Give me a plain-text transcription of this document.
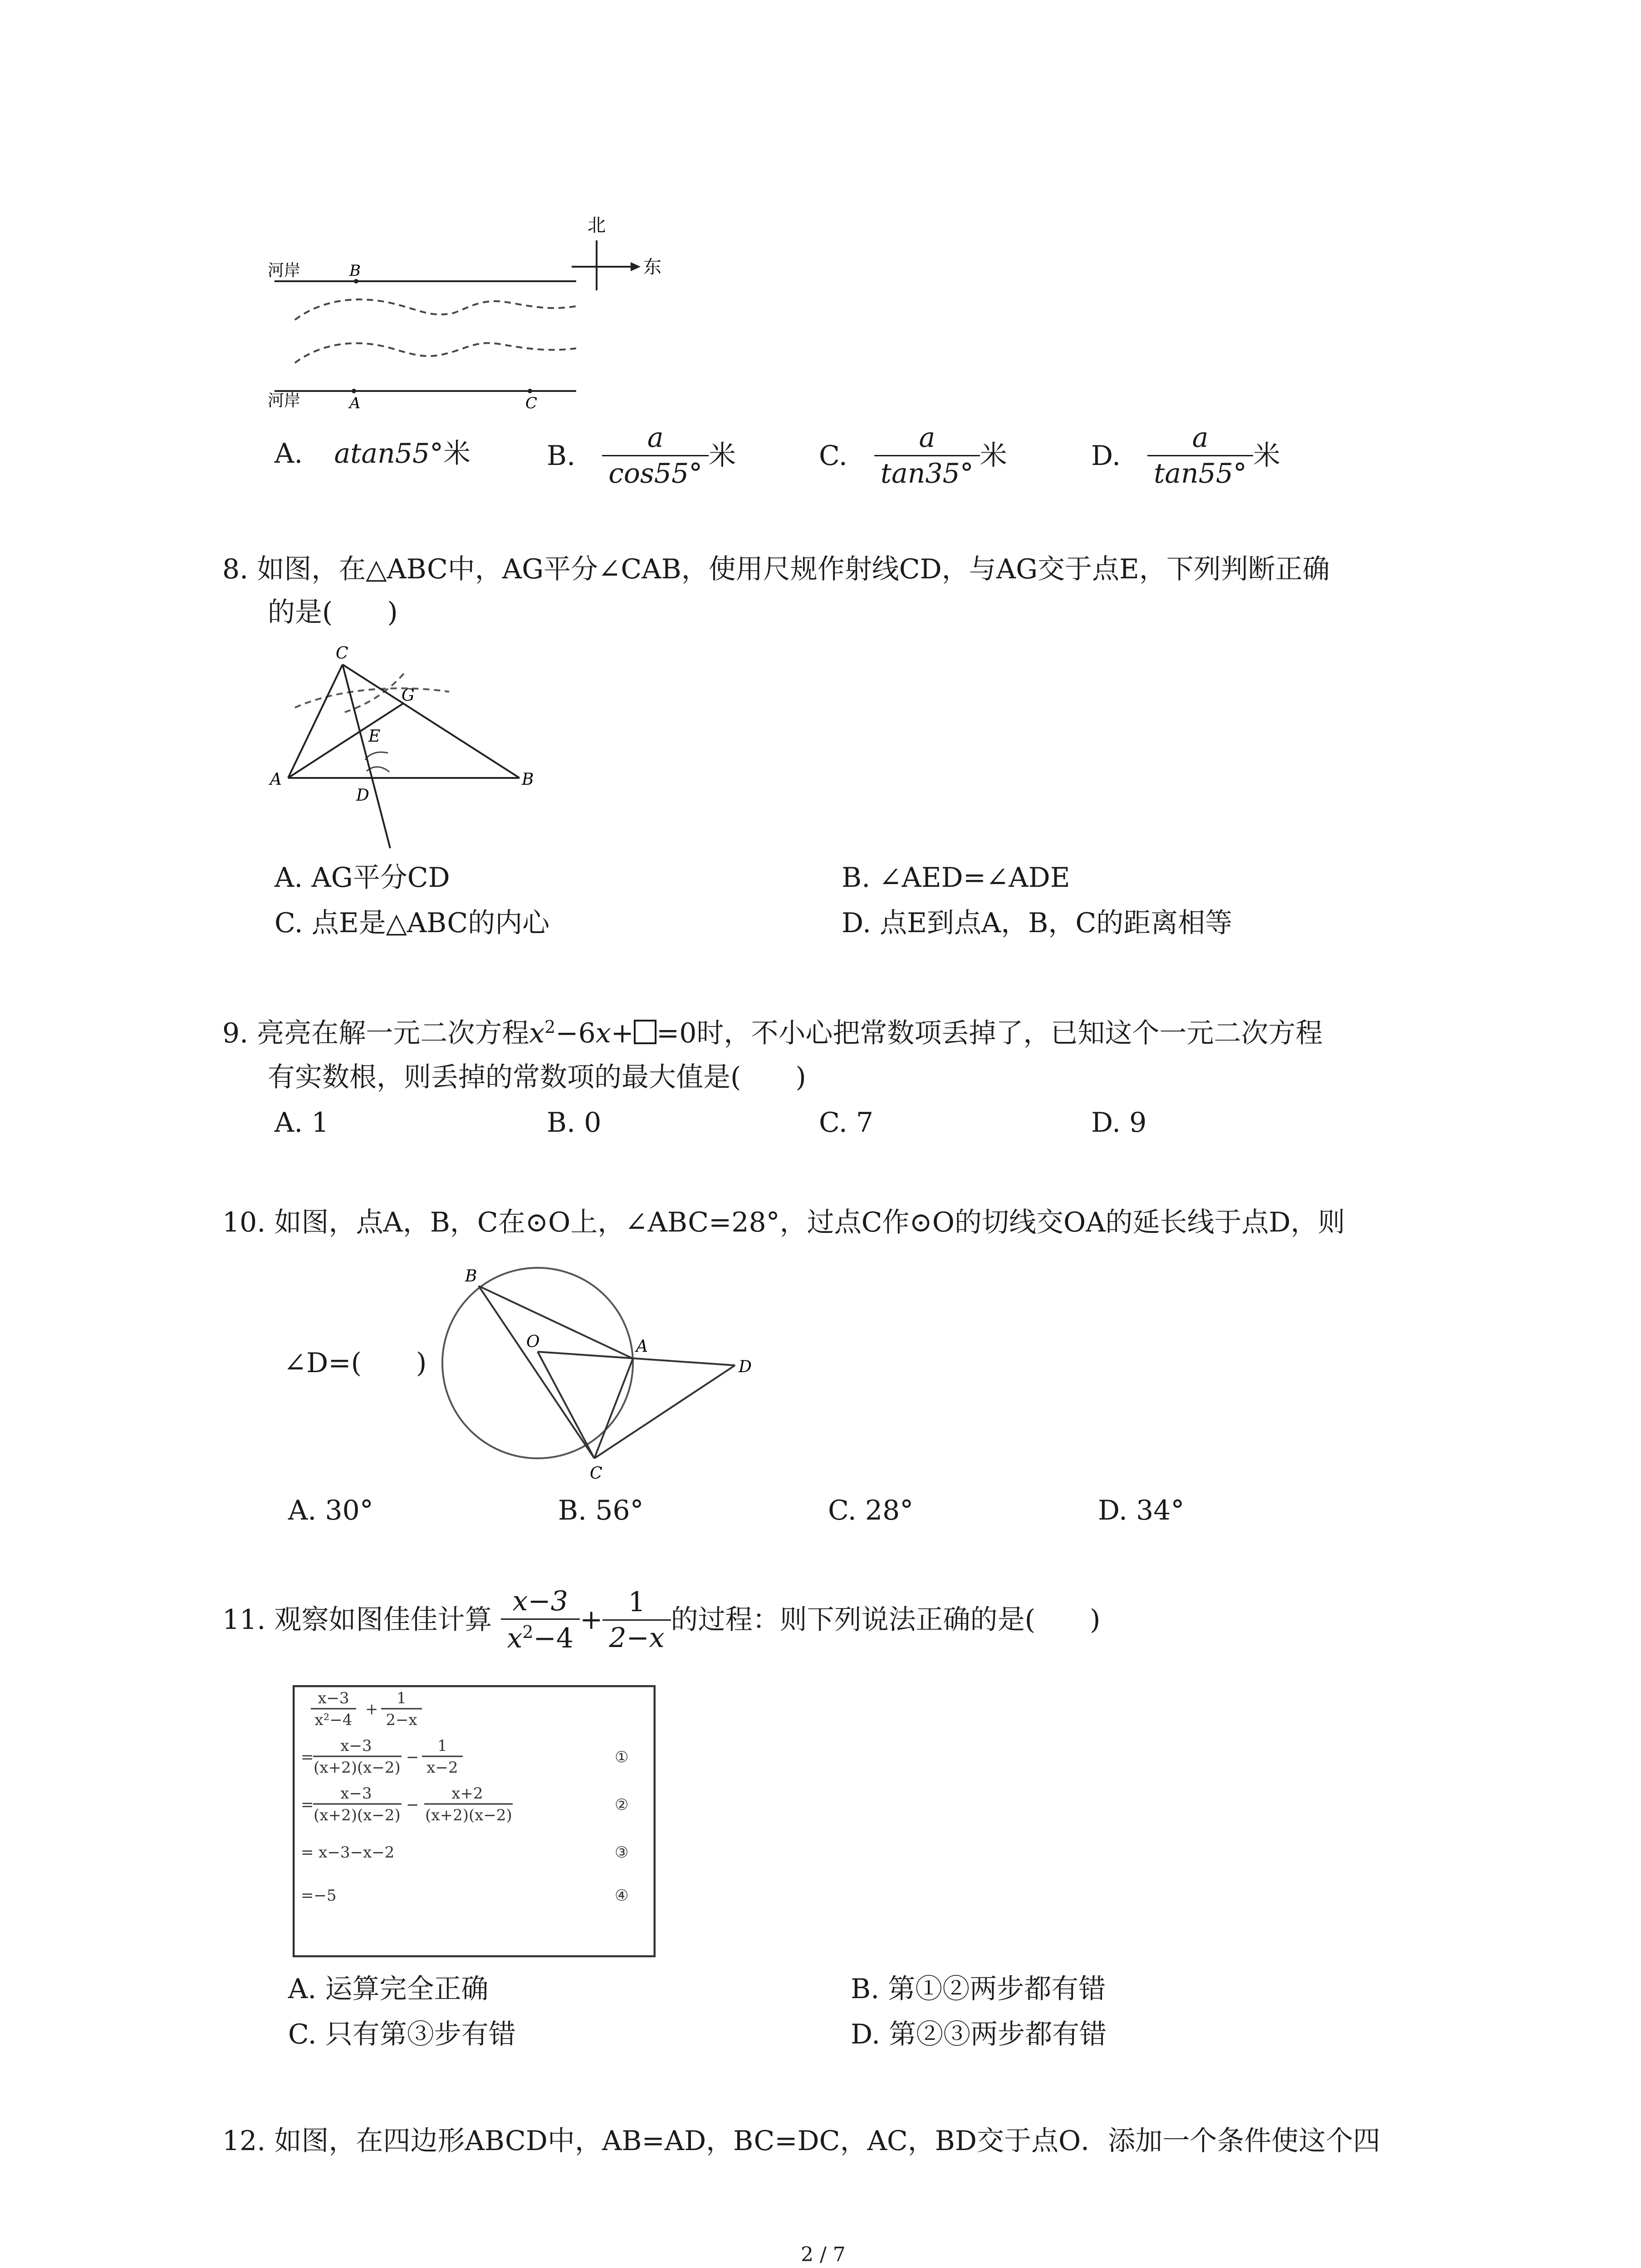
北
东
河岸
河岸
B
A	C
A. atan55°米	B. $\frac{a}{\cos 55^\circ}$ 米	C. $\frac{a}{\tan 35^\circ}$ 米	D. $\frac{a}{\tan 55^\circ}$ 米
8. 如图，在△ABC中，AG平分∠CAB，使用尺规作射线CD，与AG交于点E，下列判断正确
的是(　　)
C
G
E
A
D
B
A. AG平分CD	B. ∠AED=∠ADE
C. 点E是△ABC的内心	D. 点E到点A，B，C的距离相等
9. 亮亮在解一元二次方程$x^2-6x+ =0$时，不小心把常数项丢掉了，已知这个一元二次方程
有实数根，则丢掉的常数项的最大值是(　　)
A. 1	B. 0	C. 7	D. 9
10. 如图，点A，B，C在⊙O上，∠ABC=28°，过点C作⊙O的切线交OA的延长线于点D，则
∠D=(　　)
B
O	A
D
C
A. 30°	B. 56°	C. 28°	D. 34°
11. 观察如图佳佳计算 $\frac{x-3}{x^2-4} + \frac{1}{2-x}$ 的过程：则下列说法正确的是(　　)
x−3
x²−4
+
1
2−x
=
x−3
(x+2)(x−2)
−
1
x−2
①
=
x−3
(x+2)(x−2)
−
x+2
(x+2)(x−2)
②
= x−3−x−2	③
=−5	④
A. 运算完全正确	B. 第①②两步都有错
C. 只有第③步有错	D. 第②③两步都有错
12. 如图，在四边形ABCD中，AB=AD，BC=DC，AC，BD交于点O．添加一个条件使这个四
2 / 7
